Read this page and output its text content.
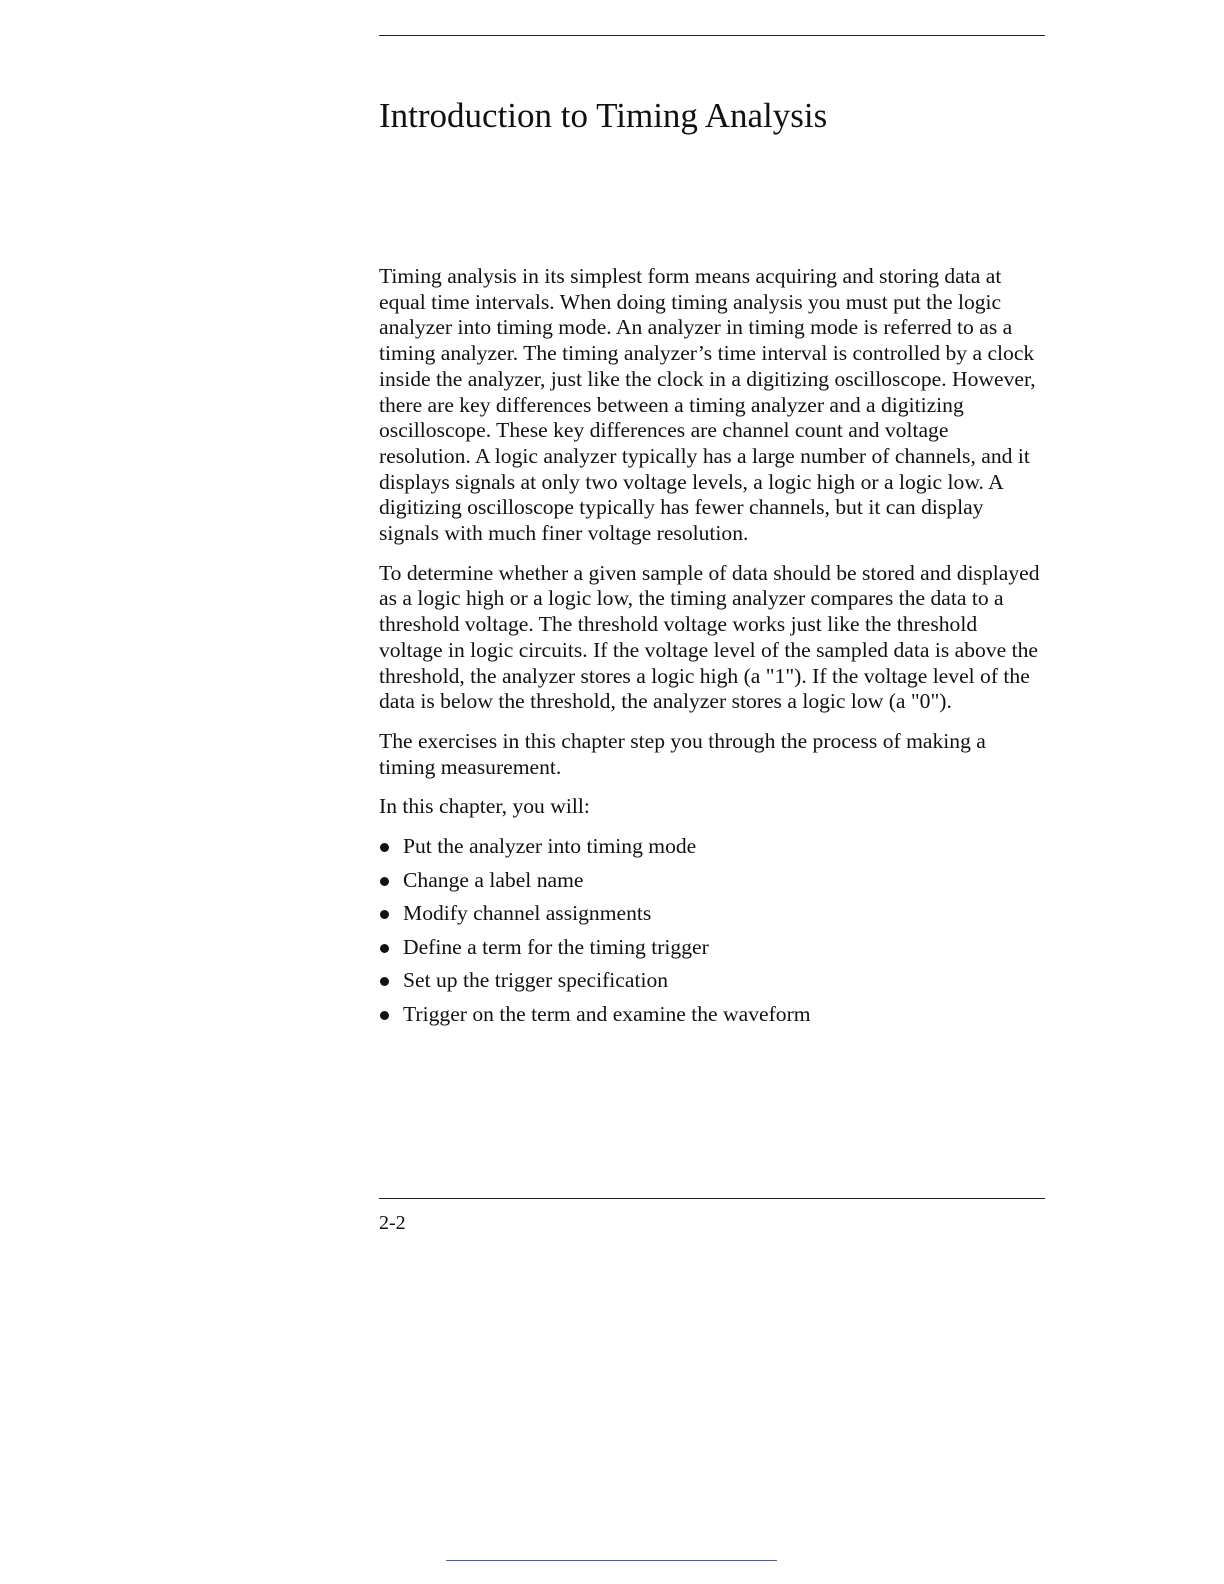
Introduction to Timing Analysis

Timing analysis in its simplest form means acquiring and storing data at equal time intervals. When doing timing analysis you must put the logic analyzer into timing mode. An analyzer in timing mode is referred to as a timing analyzer. The timing analyzer’s time interval is controlled by a clock inside the analyzer, just like the clock in a digitizing oscilloscope. However, there are key differences between a timing analyzer and a digitizing oscilloscope. These key differences are channel count and voltage resolution. A logic analyzer typically has a large number of channels, and it displays signals at only two voltage levels, a logic high or a logic low. A digitizing oscilloscope typically has fewer channels, but it can display signals with much finer voltage resolution.

To determine whether a given sample of data should be stored and displayed as a logic high or a logic low, the timing analyzer compares the data to a threshold voltage. The threshold voltage works just like the threshold voltage in logic circuits. If the voltage level of the sampled data is above the threshold, the analyzer stores a logic high (a "1"). If the voltage level of the data is below the threshold, the analyzer stores a logic low (a "0").

The exercises in this chapter step you through the process of making a timing measurement.

In this chapter, you will:

Put the analyzer into timing mode
Change a label name
Modify channel assignments
Define a term for the timing trigger
Set up the trigger specification
Trigger on the term and examine the waveform
2-2
